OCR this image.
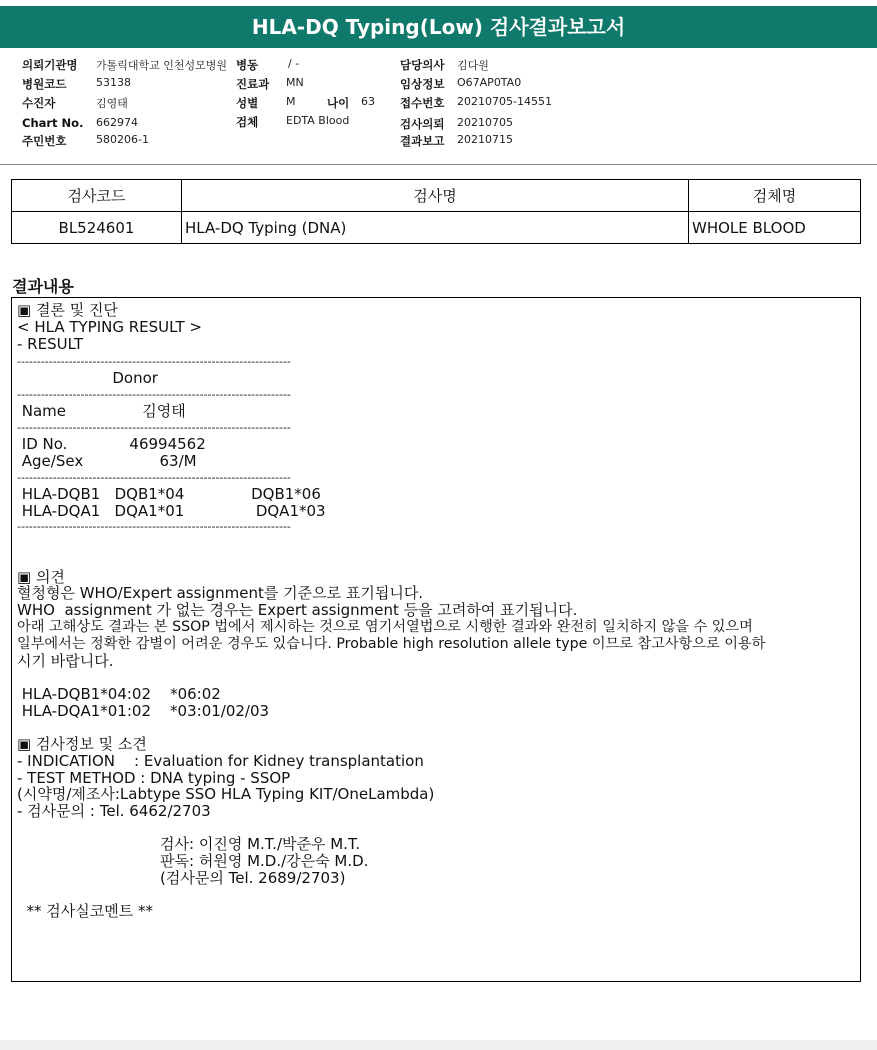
HLA-DQ Typing(Low) 검사결과보고서
의뢰기관명 가톨릭대학교 인천성모병원 병동	/ -	담당의사 김다원
병원코드	53138	진료과 MN	임상정보 O67AP0TA0
수진자	김영태	성별	M	나이 63 접수번호 20210705-14551
Chart No. 662974	검체	EDTA Blood	검사의뢰 20210705
주민번호	580206-1	결과보고 20210715
검사코드	검사명	검체명
BL524601	HLA-DQ Typing (DNA)	WHOLE BLOOD
결과내용
▣ 결론 및 진단
< HLA TYPING RESULT >
- RESULT
---------------------------------------------------------------------
Donor
---------------------------------------------------------------------
Name                김영태
---------------------------------------------------------------------
ID No.             46994562
Age/Sex                63/M
---------------------------------------------------------------------
HLA-DQB1   DQB1*04              DQB1*06
HLA-DQA1   DQA1*01               DQA1*03
---------------------------------------------------------------------
▣ 의견
혈청형은 WHO/Expert assignment를 기준으로 표기됩니다.
WHO  assignment 가 없는 경우는 Expert assignment 등을 고려하여 표기됩니다.
아래 고해상도 결과는 본 SSOP 법에서 제시하는 것으로 염기서열법으로 시행한 결과와 완전히 일치하지 않을 수 있으며
일부에서는 정확한 감별이 어려운 경우도 있습니다. Probable high resolution allele type 이므로 참고사항으로 이용하
시기 바랍니다.
HLA-DQB1*04:02    *06:02
HLA-DQA1*01:02    *03:01/02/03
▣ 검사정보 및 소견
- INDICATION    : Evaluation for Kidney transplantation
- TEST METHOD : DNA typing - SSOP
(시약명/제조사:Labtype SSO HLA Typing KIT/OneLambda)
- 검사문의 : Tel. 6462/2703
검사: 이진영 M.T./박준우 M.T.
판독: 허원영 M.D./강은숙 M.D.
(검사문의 Tel. 2689/2703)
** 검사실코멘트 **
